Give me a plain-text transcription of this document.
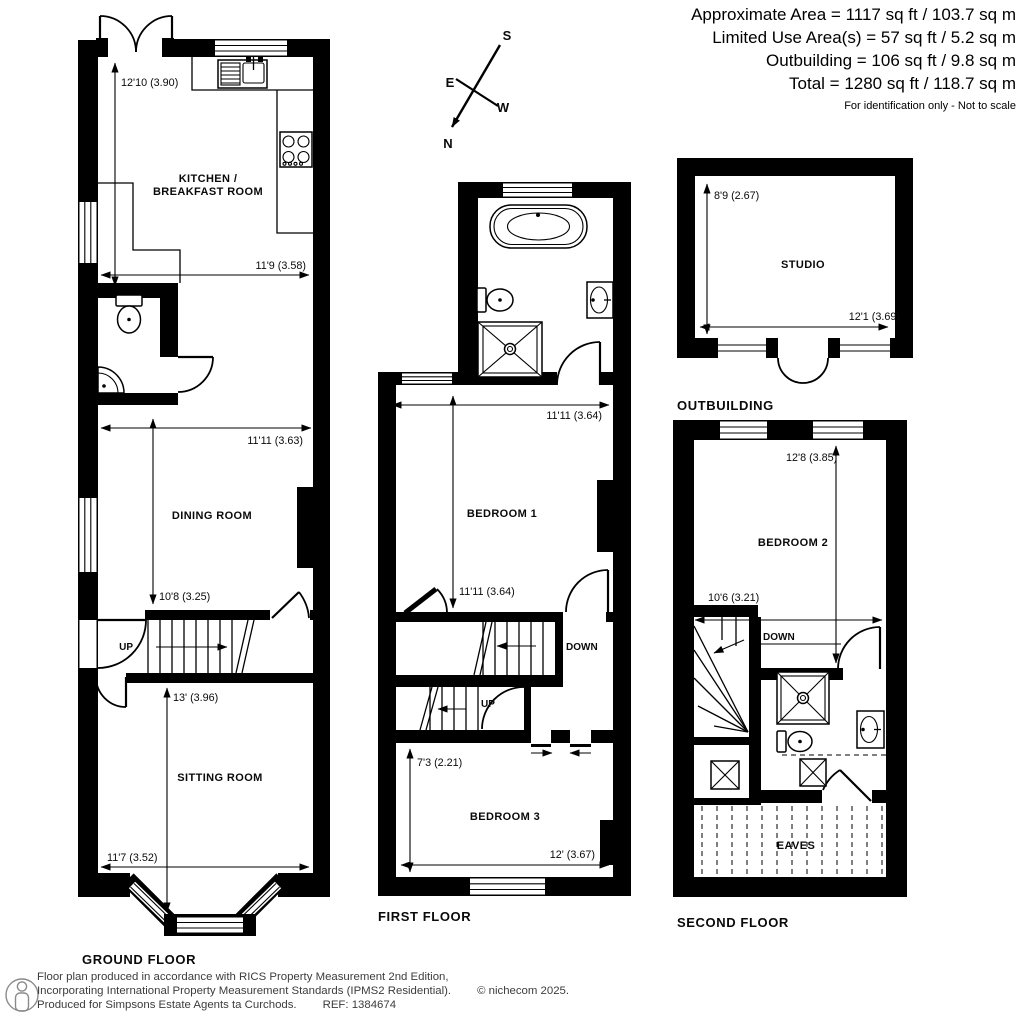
Approximate Area = 1117 sq ft / 103.7 sq m
Limited Use Area(s) = 57 sq ft / 5.2 sq m
Outbuilding = 106 sq ft / 9.8 sq m
Total = 1280 sq ft / 118.7 sq m
For identification only - Not to scale
S
E
W
N
UP
12'10 (3.90)
11'9 (3.58)
11'11 (3.63)
10'8 (3.25)
13' (3.96)
11'7 (3.52)
KITCHEN /
BREAKFAST ROOM
DINING ROOM
SITTING ROOM
GROUND FLOOR
DOWN
UP
11'11 (3.64)
11'11 (3.64)
7'3 (2.21)
12' (3.67)
BEDROOM 1
BEDROOM 3
FIRST FLOOR
DOWN
EAVES
12'8 (3.85)
10'6 (3.21)
BEDROOM 2
SECOND FLOOR
8'9 (2.67)
12'1 (3.69)
STUDIO
OUTBUILDING
Floor plan produced in accordance with RICS Property Measurement 2nd Edition,
Incorporating International Property Measurement Standards (IPMS2 Residential). © nichecom 2025.
Produced for Simpsons Estate Agents ta Curchods. REF: 1384674
